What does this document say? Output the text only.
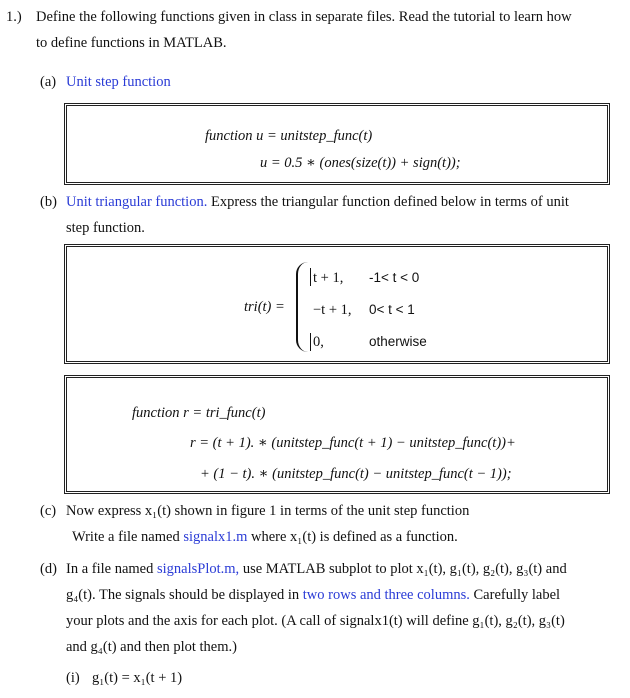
1.) Define the following functions given in class in separate files. Read the tutorial to learn how
to define functions in MATLAB.
(a) Unit step function
function u = unitstep_func(t)
u = 0.5 ∗ (ones(size(t)) + sign(t));
(b) Unit triangular function. Express the triangular function defined below in terms of unit
step function.
tri(t) =
t + 1, -1< t < 0
−t + 1, 0< t < 1
0,	otherwise
function r = tri_func(t)
r = (t + 1). ∗ (unitstep_func(t + 1) − unitstep_func(t))+
+ (1 − t). ∗ (unitstep_func(t) − unitstep_func(t − 1));
(c) Now express x₁(t) shown in figure 1 in terms of the unit step function
Write a file named signalx1.m where x₁(t) is defined as a function.
(d) In a file named signalsPlot.m, use MATLAB subplot to plot x₁(t), g₁(t), g₂(t), g₃(t) and
g₄(t). The signals should be displayed in two rows and three columns. Carefully label
your plots and the axis for each plot. (A call of signalx1(t) will define g₁(t), g₂(t), g₃(t)
and g₄(t) and then plot them.)
(i) g₁(t) = x₁(t + 1)
